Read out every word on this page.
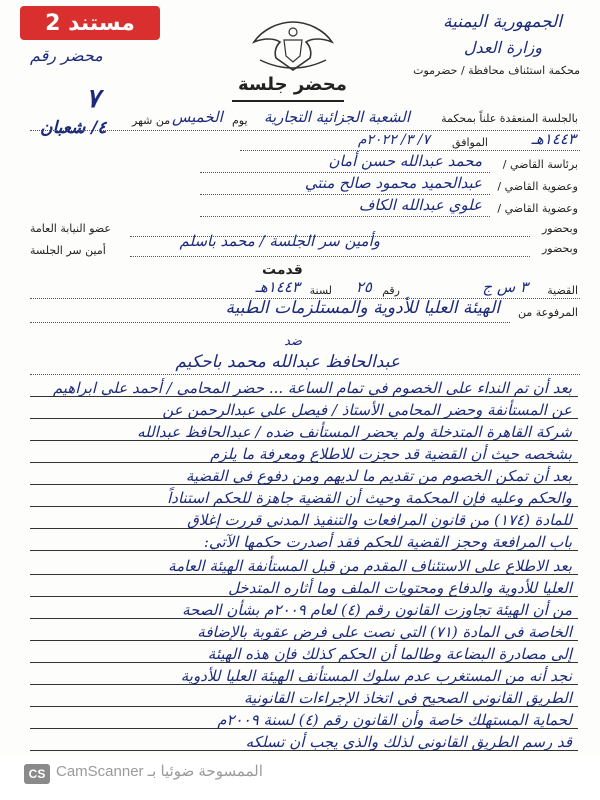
مستند 2	الجمهورية اليمنية
وزارة العدل
محكمة استئناف محافظة / حضرموت
محضر رقم
٧	محضر جلسة
بالجلسة المنعقدة علناً بمحكمة
الشعبة الجزائية التجارية
يوم
الخميس
من شهر
٤/ شعبان
١٤٤٣هـ
الموافق
٧/ ٣/ ٢٠٢٢م
برئاسة القاضي /
محمد عبدالله حسن أمان
وعضوية القاضي /
عبدالحميد محمود صالح منتي
وعضوية القاضي /
علوي عبدالله الكاف
وبحضور
عضو النيابة العامة
وبحضور
وأمين سر الجلسة / محمد باسلم
أمين سر الجلسة
قدمت
القضية
٣ س ج
رقم
٢٥
لسنة
١٤٤٣هـ
المرفوعة من
الهيئة العليا للأدوية والمستلزمات الطبية
ضد
عبدالحافظ عبدالله محمد باحكيم
بعد أن تم النداء على الخصوم في تمام الساعة ... حضر المحامي / أحمد علي ابراهيم
عن المستأنفة وحضر المحامي الأستاذ / فيصل علي عبدالرحمن عن
شركة القاهرة المتدخلة ولم يحضر المستأنف ضده / عبدالحافظ عبدالله
بشخصه حيث أن القضية قد حجزت للاطلاع ومعرفة ما يلزم
بعد أن تمكن الخصوم من تقديم ما لديهم ومن دفوع في القضية
والحكم وعليه فإن المحكمة وحيث أن القضية جاهزة للحكم استناداً
للمادة (١٧٤) من قانون المرافعات والتنفيذ المدني قررت إغلاق
باب المرافعة وحجز القضية للحكم فقد أصدرت حكمها الآتي:
بعد الاطلاع على الاستئناف المقدم من قبل المستأنفة الهيئة العامة
العليا للأدوية والدفاع ومحتويات الملف وما أثاره المتدخل
من أن الهيئة تجاوزت القانون رقم (٤) لعام ٢٠٠٩م بشأن الصحة
الخاصة في المادة (٧١) التي نصت على فرض عقوبة بالإضافة
إلى مصادرة البضاعة وطالما أن الحكم كذلك فإن هذه الهيئة
نجد أنه من المستغرب عدم سلوك المستأنف الهيئة العليا للأدوية
الطريق القانوني الصحيح في اتخاذ الإجراءات القانونية
لحماية المستهلك خاصة وأن القانون رقم (٤) لسنة ٢٠٠٩م
قد رسم الطريق القانوني لذلك والذي يجب أن تسلكه
CS الممسوحة ضوئيا بـ CamScanner
